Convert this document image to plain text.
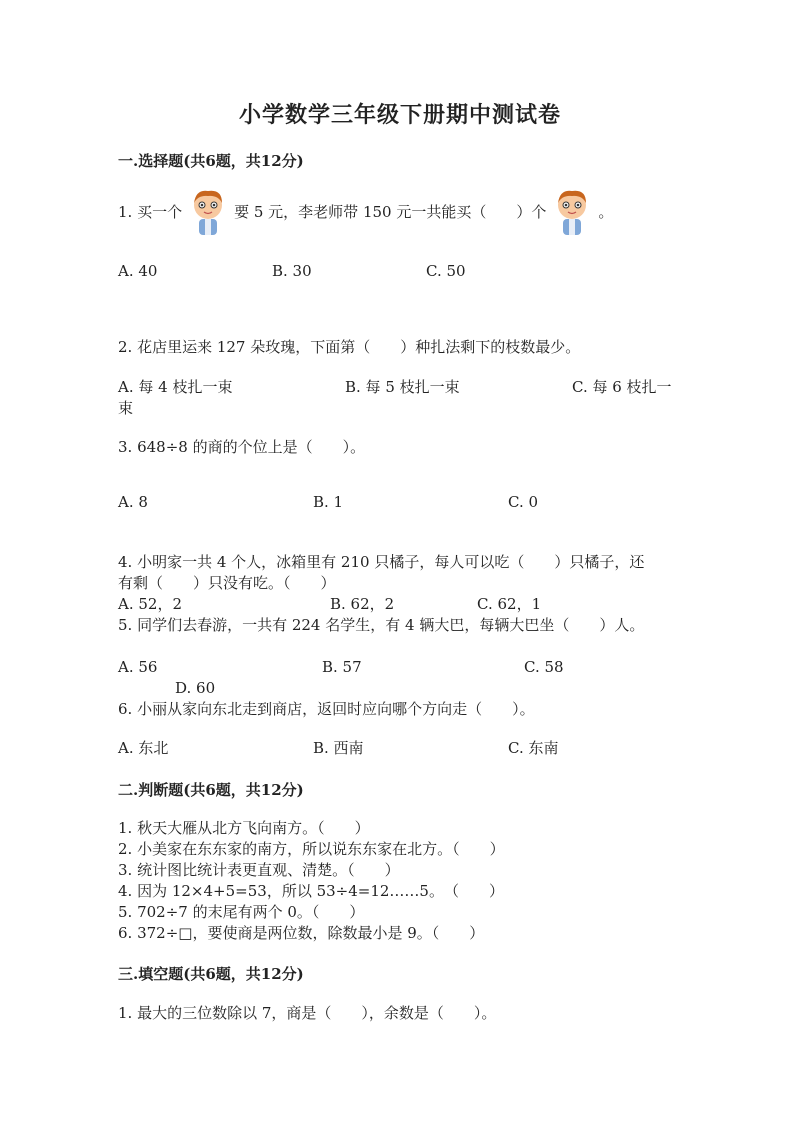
小学数学三年级下册期中测试卷
一.选择题(共6题，共12分)
1. 买一个	要 5 元，李老师带 150 元一共能买（　　）个	。
A. 40	B. 30	C. 50
2. 花店里运来 127 朵玫瑰，下面第（　　）种扎法剩下的枝数最少。
A. 每 4 枝扎一束	B. 每 5 枝扎一束	C. 每 6 枝扎一
束
3. 648÷8 的商的个位上是（　　）。
A. 8	B. 1	C. 0
4. 小明家一共 4 个人，冰箱里有 210 只橘子，每人可以吃（　　）只橘子，还
有剩（　　）只没有吃。（　　）
A. 52，2	B. 62，2	C. 62，1
5. 同学们去春游，一共有 224 名学生，有 4 辆大巴，每辆大巴坐（　　）人。
A. 56	B. 57	C. 58
D. 60
6. 小丽从家向东北走到商店，返回时应向哪个方向走（　　）。
A. 东北	B. 西南	C. 东南
二.判断题(共6题，共12分)
1. 秋天大雁从北方飞向南方。（　　）
2. 小美家在东东家的南方，所以说东东家在北方。（　　）
3. 统计图比统计表更直观、清楚。（　　）
4. 因为 12×4+5=53，所以 53÷4=12……5。　（　　）
5. 702÷7 的末尾有两个 0。（　　）
6. 372÷□，要使商是两位数，除数最小是 9。（　　）
三.填空题(共6题，共12分)
1. 最大的三位数除以 7，商是（　　），余数是（　　）。
